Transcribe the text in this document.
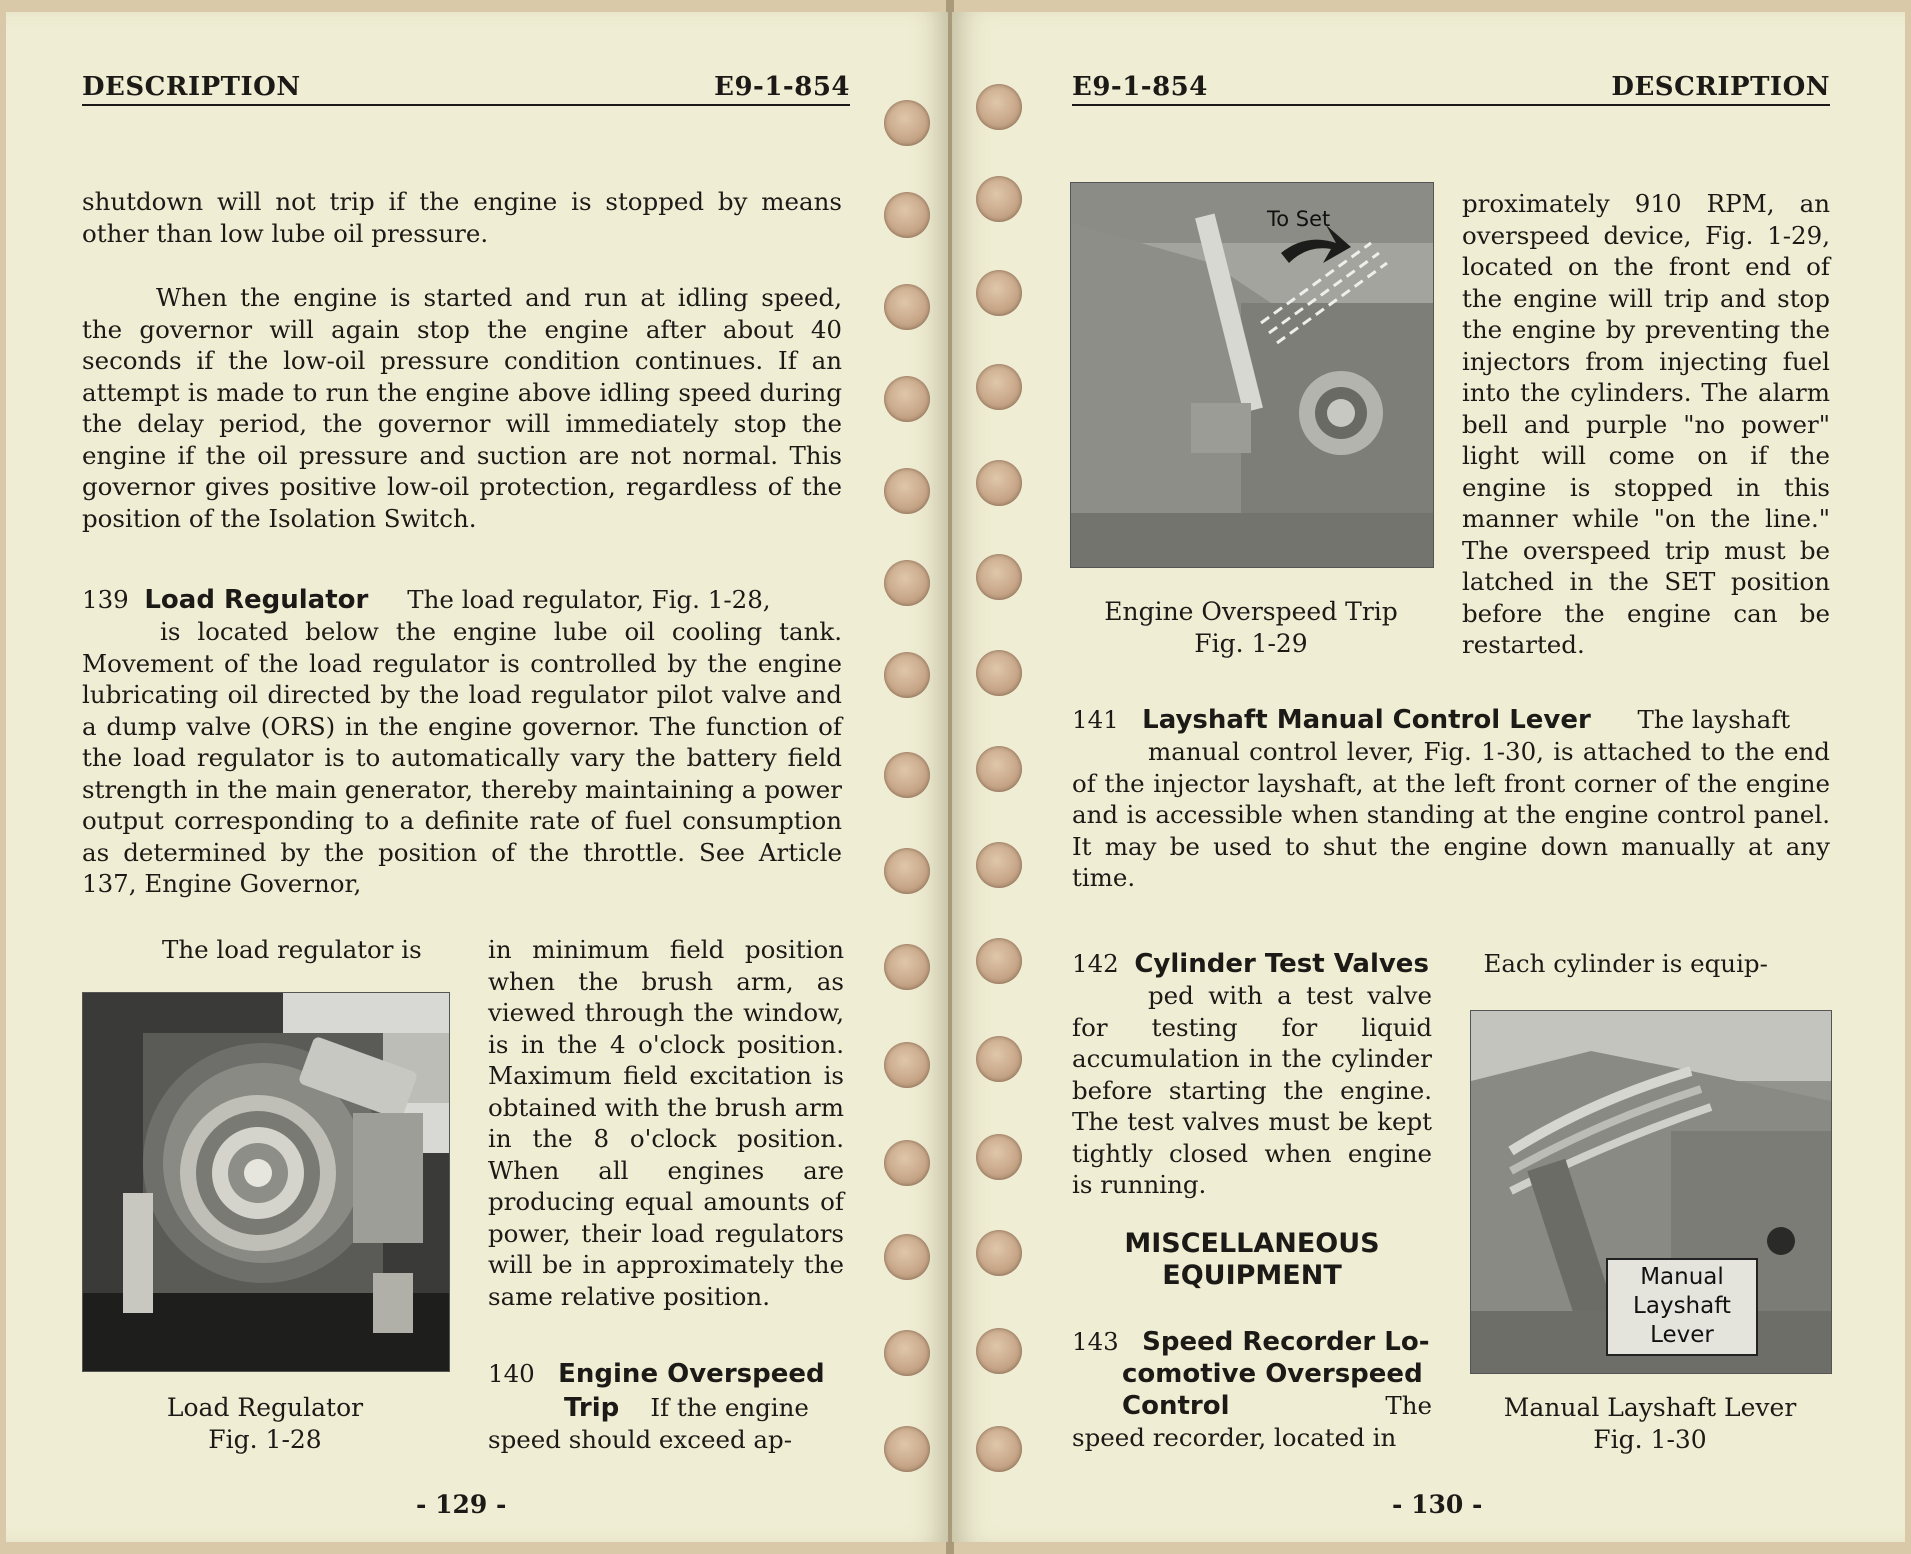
DESCRIPTION	E9-1-854

shutdown will not trip if the engine is stopped by means other than low lube oil pressure.

When the engine is started and run at idling speed, the governor will again stop the engine after about 40 seconds if the low-oil pressure condition continues. If an attempt is made to run the engine above idling speed during the delay period, the governor will immediately stop the engine if the oil pressure and suction are not normal. This governor gives positive low-oil protection, regardless of the position of the Isolation Switch.

139 Load Regulator The load regulator, Fig. 1-28,

is located below the engine lube oil cooling tank. Movement of the load regulator is controlled by the engine lubricating oil directed by the load regulator pilot valve and a dump valve (ORS) in the engine governor. The function of the load regulator is to automatically vary the battery field strength in the main generator, thereby maintaining a power output corresponding to a definite rate of fuel consumption as determined by the position of the throttle. See Article 137, Engine Governor,

The load regulator is	in minimum field position when the brush arm, as viewed through the window, is in the 4 o'clock position. Maximum field excitation is obtained with the brush arm in the 8 o'clock position. When all engines are producing equal amounts of power, their load regulators will be in approximately the same relative position.

Load Regulator
Fig. 1-28

140 Engine Overspeed

Trip If the engine

speed should exceed ap-

- 129 -
E9-1-854	DESCRIPTION
To Set
Engine Overspeed Trip
Fig. 1-29

proximately 910 RPM, an overspeed device, Fig. 1-29, located on the front end of the engine will trip and stop the engine by preventing the injectors from injecting fuel into the cylinders. The alarm bell and purple "no power" light will come on if the engine is stopped in this manner while "on the line." The overspeed trip must be latched in the SET position before the engine can be restarted.

141 Layshaft Manual Control Lever The layshaft

manual control lever, Fig. 1-30, is attached to the end of the injector layshaft, at the left front corner of the engine and is accessible when standing at the engine control panel. It may be used to shut the engine down manually at any time.

142 Cylinder Test Valves Each cylinder is equip-

ped with a test valve for testing for liquid accumulation in the cylinder before starting the engine. The test valves must be kept tightly closed when engine is running.

MISCELLANEOUS
EQUIPMENT

143 Speed Recorder Lo-

comotive Overspeed

Control	The

speed recorder, located in

Manual
Layshaft
Lever
Manual Layshaft Lever
Fig. 1-30
- 130 -
